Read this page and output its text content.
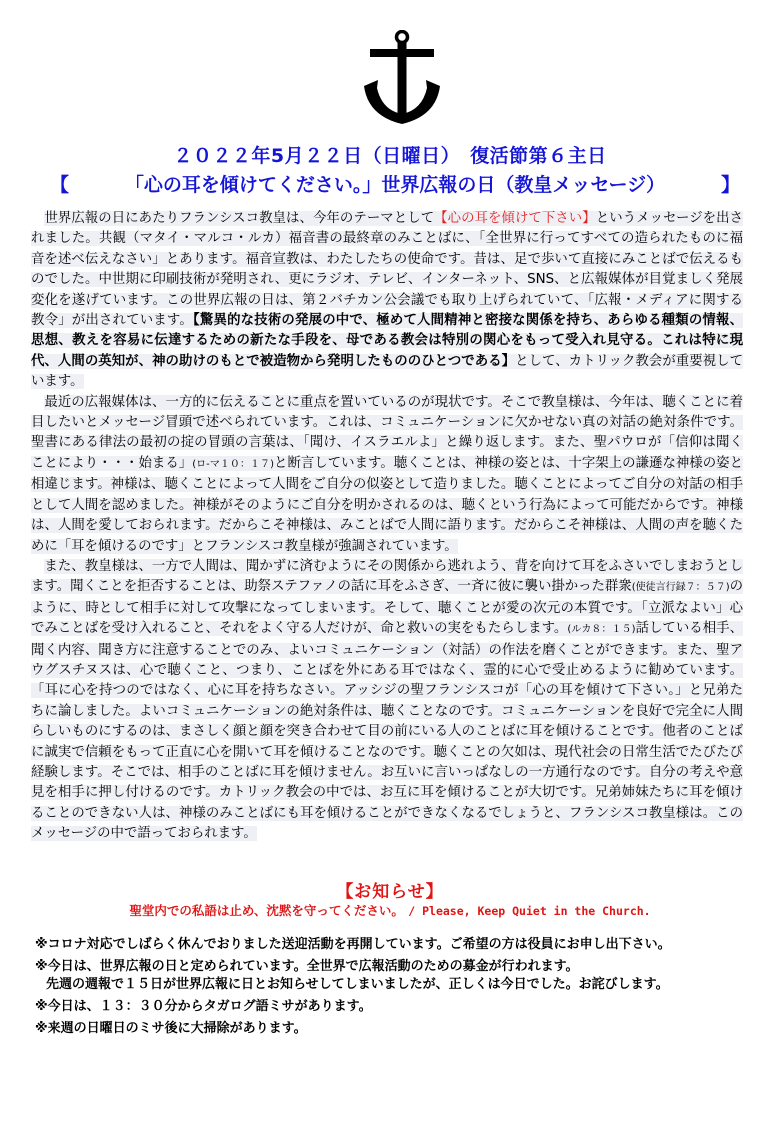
２０２２年5月２２日（日曜日）　復活節第６主日
【	「心の耳を傾けてください。」世界広報の日（教皇メッセージ）	】

世界広報の日にあたりフランシスコ教皇は、今年のテーマとして【心の耳を傾けて下さい】というメッセージを出されました。共観（マタイ・マルコ・ルカ）福音書の最終章のみことばに、「全世界に行ってすべての造られたものに福音を述べ伝えなさい」とあります。福音宣教は、わたしたちの使命です。昔は、足で歩いて直接にみことばで伝えるものでした。中世期に印刷技術が発明され、更にラジオ、テレビ、インターネット、SNS、と広報媒体が目覚ましく発展変化を遂げています。この世界広報の日は、第２バチカン公会議でも取り上げられていて、「広報・メディアに関する教令」が出されています。【驚異的な技術の発展の中で、極めて人間精神と密接な関係を持ち、あらゆる種類の情報、思想、教えを容易に伝達するための新たな手段を、母である教会は特別の関心をもって受入れ見守る。これは特に現代、人間の英知が、神の助けのもとで被造物から発明したもののひとつである】として、カトリック教会が重要視しています。

最近の広報媒体は、一方的に伝えることに重点を置いているのが現状です。そこで教皇様は、今年は、聴くことに着目したいとメッセージ冒頭で述べられています。これは、コミュニケーションに欠かせない真の対話の絶対条件です。聖書にある律法の最初の掟の冒頭の言葉は、「聞け、イスラエルよ」と繰り返します。また、聖パウロが「信仰は聞くことにより・・・始まる」(ロ-マ１０：１７)と断言しています。聴くことは、神様の姿とは、十字架上の謙遜な神様の姿と相違じます。神様は、聴くことによって人間をご自分の似姿として造りました。聴くことによってご自分の対話の相手として人間を認めました。神様がそのようにご自分を明かされるのは、聴くという行為によって可能だからです。神様は、人間を愛しておられます。だからこそ神様は、みことばで人間に語ります。だからこそ神様は、人間の声を聴くために「耳を傾けるのです」とフランシスコ教皇様が強調されています。

また、教皇様は、一方で人間は、聞かずに済むようにその関係から逃れよう、背を向けて耳をふさいでしまおうとします。聞くことを拒否することは、助祭ステファノの話に耳をふさぎ、一斉に彼に襲い掛かった群衆(使徒言行録７：５７)のように、時として相手に対して攻撃になってしまいます。そして、聴くことが愛の次元の本質です。「立派なよい」心でみことばを受け入れること、それをよく守る人だけが、命と救いの実をもたらします。(ルカ８：１５)話している相手、聞く内容、聞き方に注意することでのみ、よいコミュニケーション（対話）の作法を磨くことができます。また、聖アウグスチヌスは、心で聴くこと、つまり、ことばを外にある耳ではなく、霊的に心で受止めるように勧めています。「耳に心を持つのではなく、心に耳を持ちなさい。アッシジの聖フランシスコが「心の耳を傾けて下さい。」と兄弟たちに論しました。よいコミュニケーションの絶対条件は、聴くことなのです。コミュニケーションを良好で完全に人間らしいものにするのは、まさしく顔と顔を突き合わせて目の前にいる人のことばに耳を傾けることです。他者のことばに誠実で信頼をもって正直に心を開いて耳を傾けることなのです。聴くことの欠如は、現代社会の日常生活でたびたび経験します。そこでは、相手のことばに耳を傾けません。お互いに言いっぱなしの一方通行なのです。自分の考えや意見を相手に押し付けるのです。カトリック教会の中では、お互に耳を傾けることが大切です。兄弟姉妹たちに耳を傾けることのできない人は、神様のみことばにも耳を傾けることができなくなるでしょうと、フランシスコ教皇様は。このメッセージの中で語っておられます。

【お知らせ】
聖堂内での私語は止め、沈黙を守ってください。 / Please, Keep Quiet in the Church.
※コロナ対応でしばらく休んでおりました送迎活動を再開しています。ご希望の方は役員にお申し出下さい。
※今日は、世界広報の日と定められています。全世界で広報活動のための募金が行われます。
先週の週報で１５日が世界広報に日とお知らせしてしまいましたが、正しくは今日でした。お詫びします。
※今日は、１３：３０分からタガログ語ミサがあります。
※来週の日曜日のミサ後に大掃除があります。
